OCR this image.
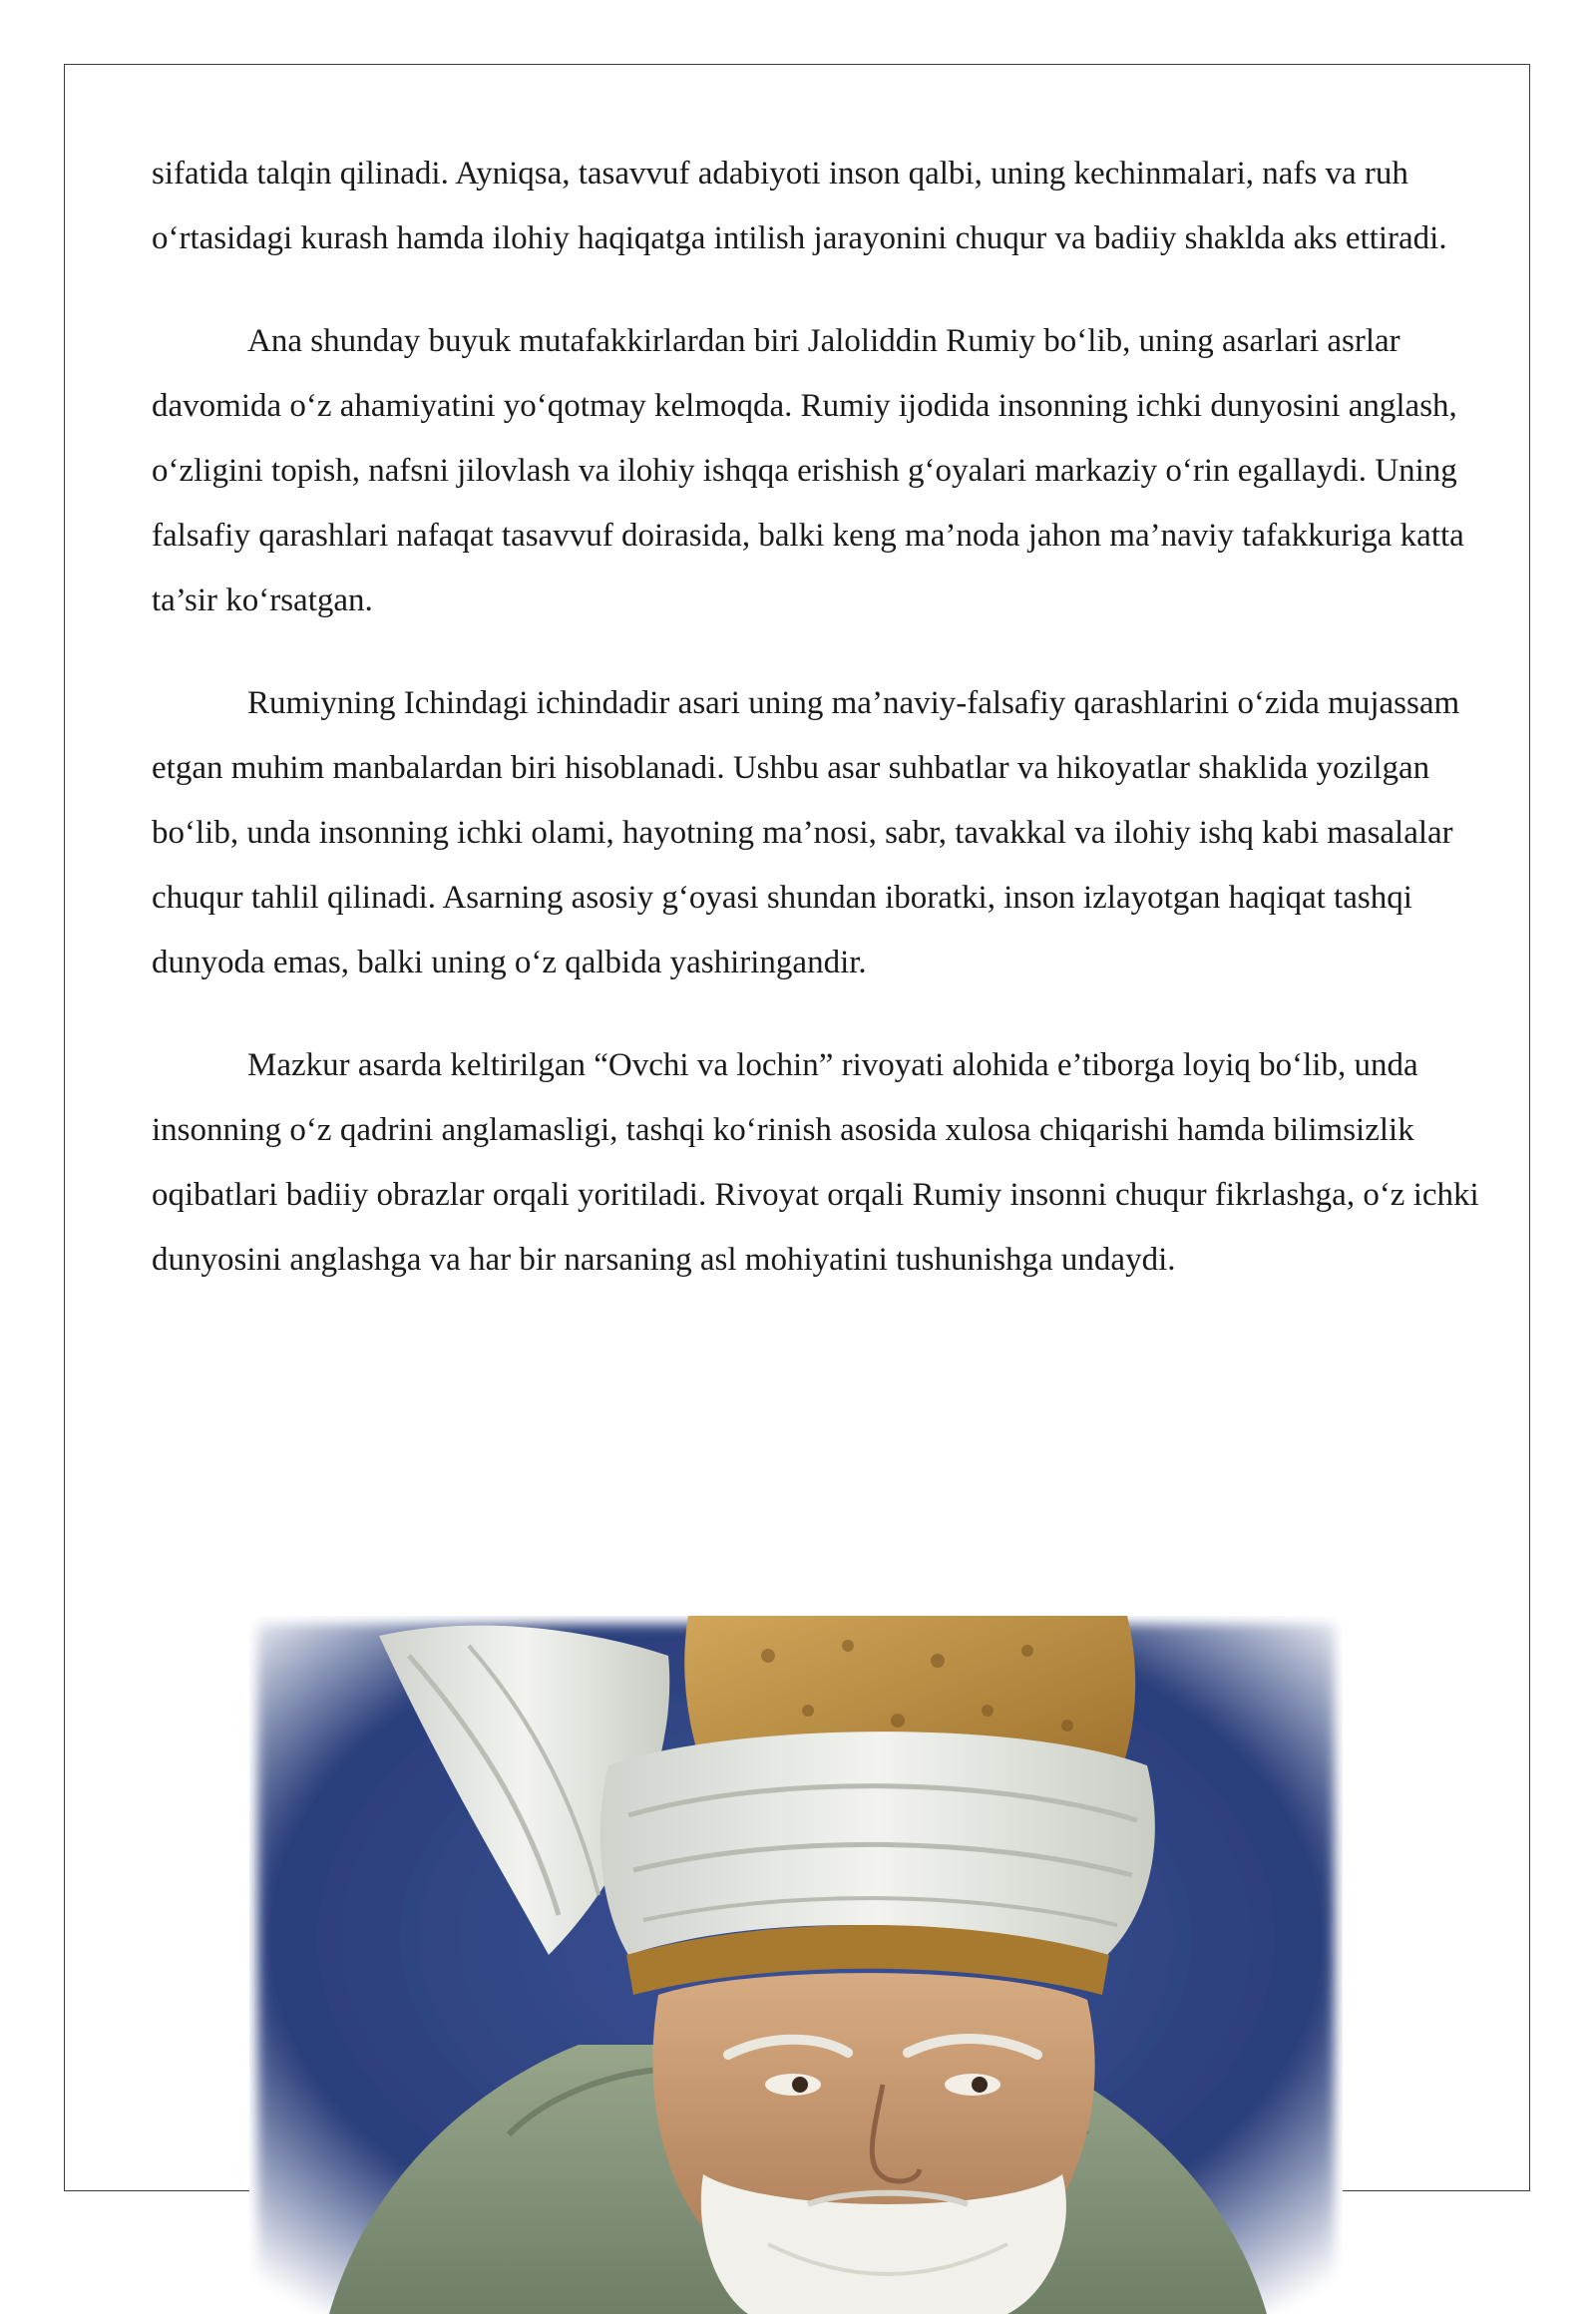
sifatida talqin qilinadi. Ayniqsa, tasavvuf adabiyoti inson qalbi, uning kechinmalari, nafs va ruh o‘rtasidagi kurash hamda ilohiy haqiqatga intilish jarayonini chuqur va badiiy shaklda aks ettiradi.

Ana shunday buyuk mutafakkirlardan biri Jaloliddin Rumiy bo‘lib, uning asarlari asrlar davomida o‘z ahamiyatini yo‘qotmay kelmoqda. Rumiy ijodida insonning ichki dunyosini anglash, o‘zligini topish, nafsni jilovlash va ilohiy ishqqa erishish g‘oyalari markaziy o‘rin egallaydi. Uning falsafiy qarashlari nafaqat tasavvuf doirasida, balki keng ma’noda jahon ma’naviy tafakkuriga katta ta’sir ko‘rsatgan.

Rumiyning Ichindagi ichindadir asari uning ma’naviy-falsafiy qarashlarini o‘zida mujassam etgan muhim manbalardan biri hisoblanadi. Ushbu asar suhbatlar va hikoyatlar shaklida yozilgan bo‘lib, unda insonning ichki olami, hayotning ma’nosi, sabr, tavakkal va ilohiy ishq kabi masalalar chuqur tahlil qilinadi. Asarning asosiy g‘oyasi shundan iboratki, inson izlayotgan haqiqat tashqi dunyoda emas, balki uning o‘z qalbida yashiringandir.

Mazkur asarda keltirilgan “Ovchi va lochin” rivoyati alohida e’tiborga loyiq bo‘lib, unda insonning o‘z qadrini anglamasligi, tashqi ko‘rinish asosida xulosa chiqarishi hamda bilimsizlik oqibatlari badiiy obrazlar orqali yoritiladi. Rivoyat orqali Rumiy insonni chuqur fikrlashga, o‘z ichki dunyosini anglashga va har bir narsaning asl mohiyatini tushunishga undaydi.
